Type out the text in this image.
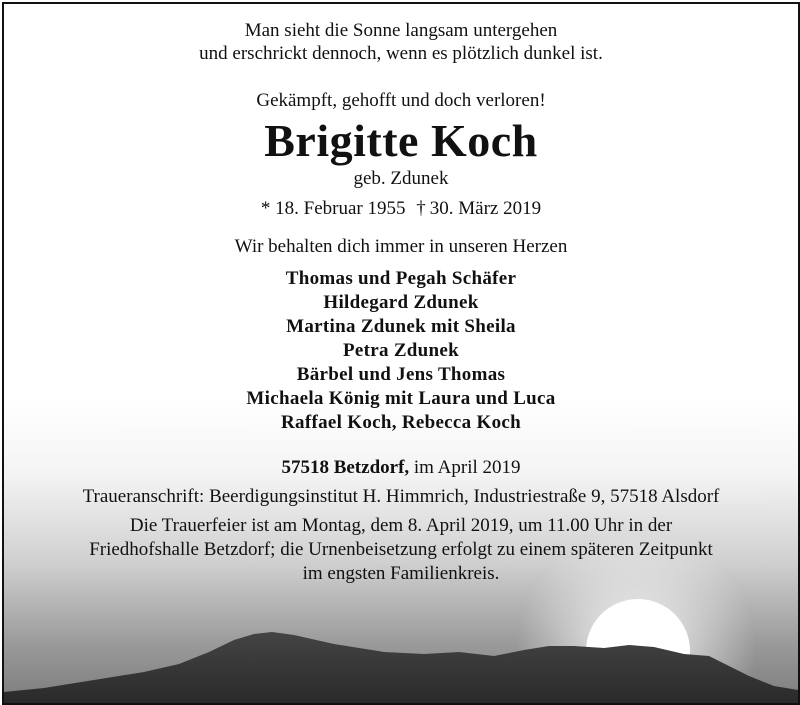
Man sieht die Sonne langsam untergehen
und erschrickt dennoch, wenn es plötzlich dunkel ist.
Gekämpft, gehofft und doch verloren!
Brigitte Koch
geb. Zdunek
* 18. Februar 1955 † 30. März 2019
Wir behalten dich immer in unseren Herzen
Thomas und Pegah Schäfer
Hildegard Zdunek
Martina Zdunek mit Sheila
Petra Zdunek
Bärbel und Jens Thomas
Michaela König mit Laura und Luca
Raffael Koch, Rebecca Koch
57518 Betzdorf, im April 2019
Traueranschrift: Beerdigungsinstitut H. Himmrich, Industriestraße 9, 57518 Alsdorf
Die Trauerfeier ist am Montag, dem 8. April 2019, um 11.00 Uhr in der
Friedhofshalle Betzdorf; die Urnenbeisetzung erfolgt zu einem späteren Zeitpunkt
im engsten Familienkreis.
